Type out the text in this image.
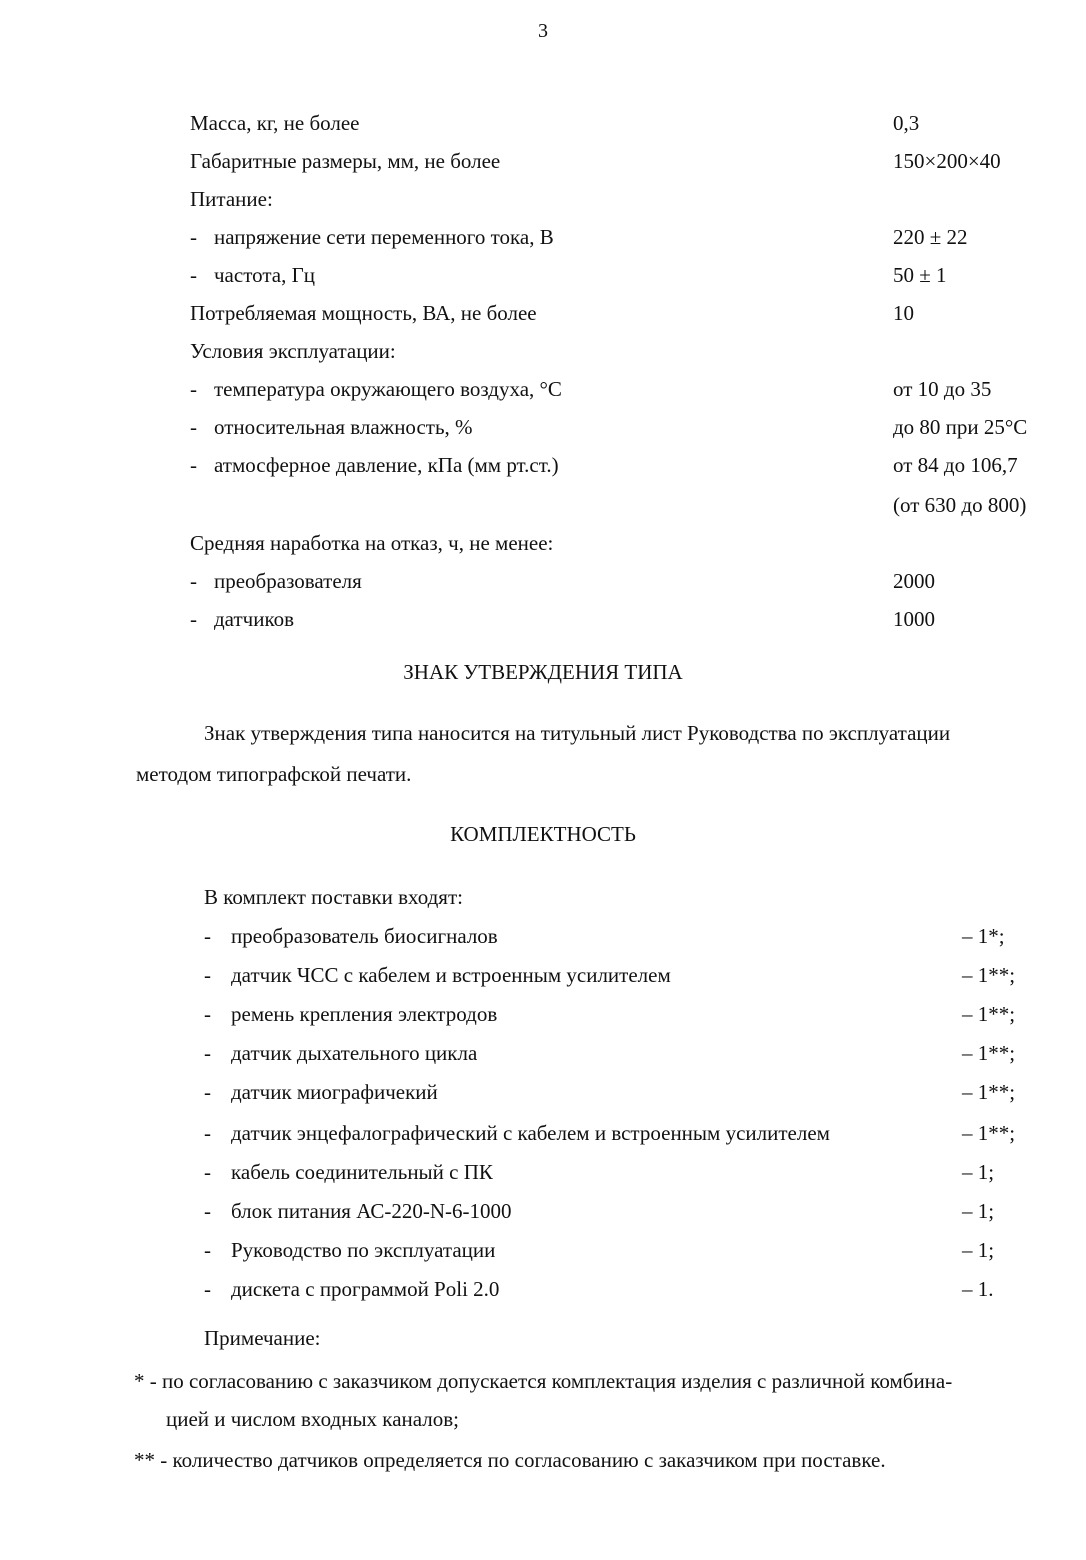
3
Масса, кг, не более	0,3
Габаритные размеры, мм, не более	150×200×40
Питание:
- напряжение сети переменного тока, В	220 ± 22
- частота, Гц	50 ± 1
Потребляемая мощность, ВА, не более	10
Условия эксплуатации:
- температура окружающего воздуха, °С	от 10 до 35
- относительная влажность, %	до 80 при 25°С
- атмосферное давление, кПа (мм рт.ст.)	от 84 до 106,7
(от 630 до 800)
Средняя наработка на отказ, ч, не менее:
- преобразователя	2000
- датчиков	1000
ЗНАК УТВЕРЖДЕНИЯ ТИПА
Знак утверждения типа наносится на титульный лист Руководства по эксплуатации
методом типографской печати.
КОМПЛЕКТНОСТЬ
В комплект поставки входят:
- преобразователь биосигналов	– 1*;
- датчик ЧСС с кабелем и встроенным усилителем	– 1**;
- ремень крепления электродов	– 1**;
- датчик дыхательного цикла	– 1**;
- датчик миографичекий	– 1**;
- датчик энцефалографический с кабелем и встроенным усилителем	– 1**;
- кабель соединительный с ПК	– 1;
- блок питания АС-220-N-6-1000	– 1;
- Руководство по эксплуатации	– 1;
- дискета с программой Poli 2.0	– 1.
Примечание:
* - по согласованию с заказчиком допускается комплектация изделия с различной комбина-
цией и числом входных каналов;
** - количество датчиков определяется по согласованию с заказчиком при поставке.
